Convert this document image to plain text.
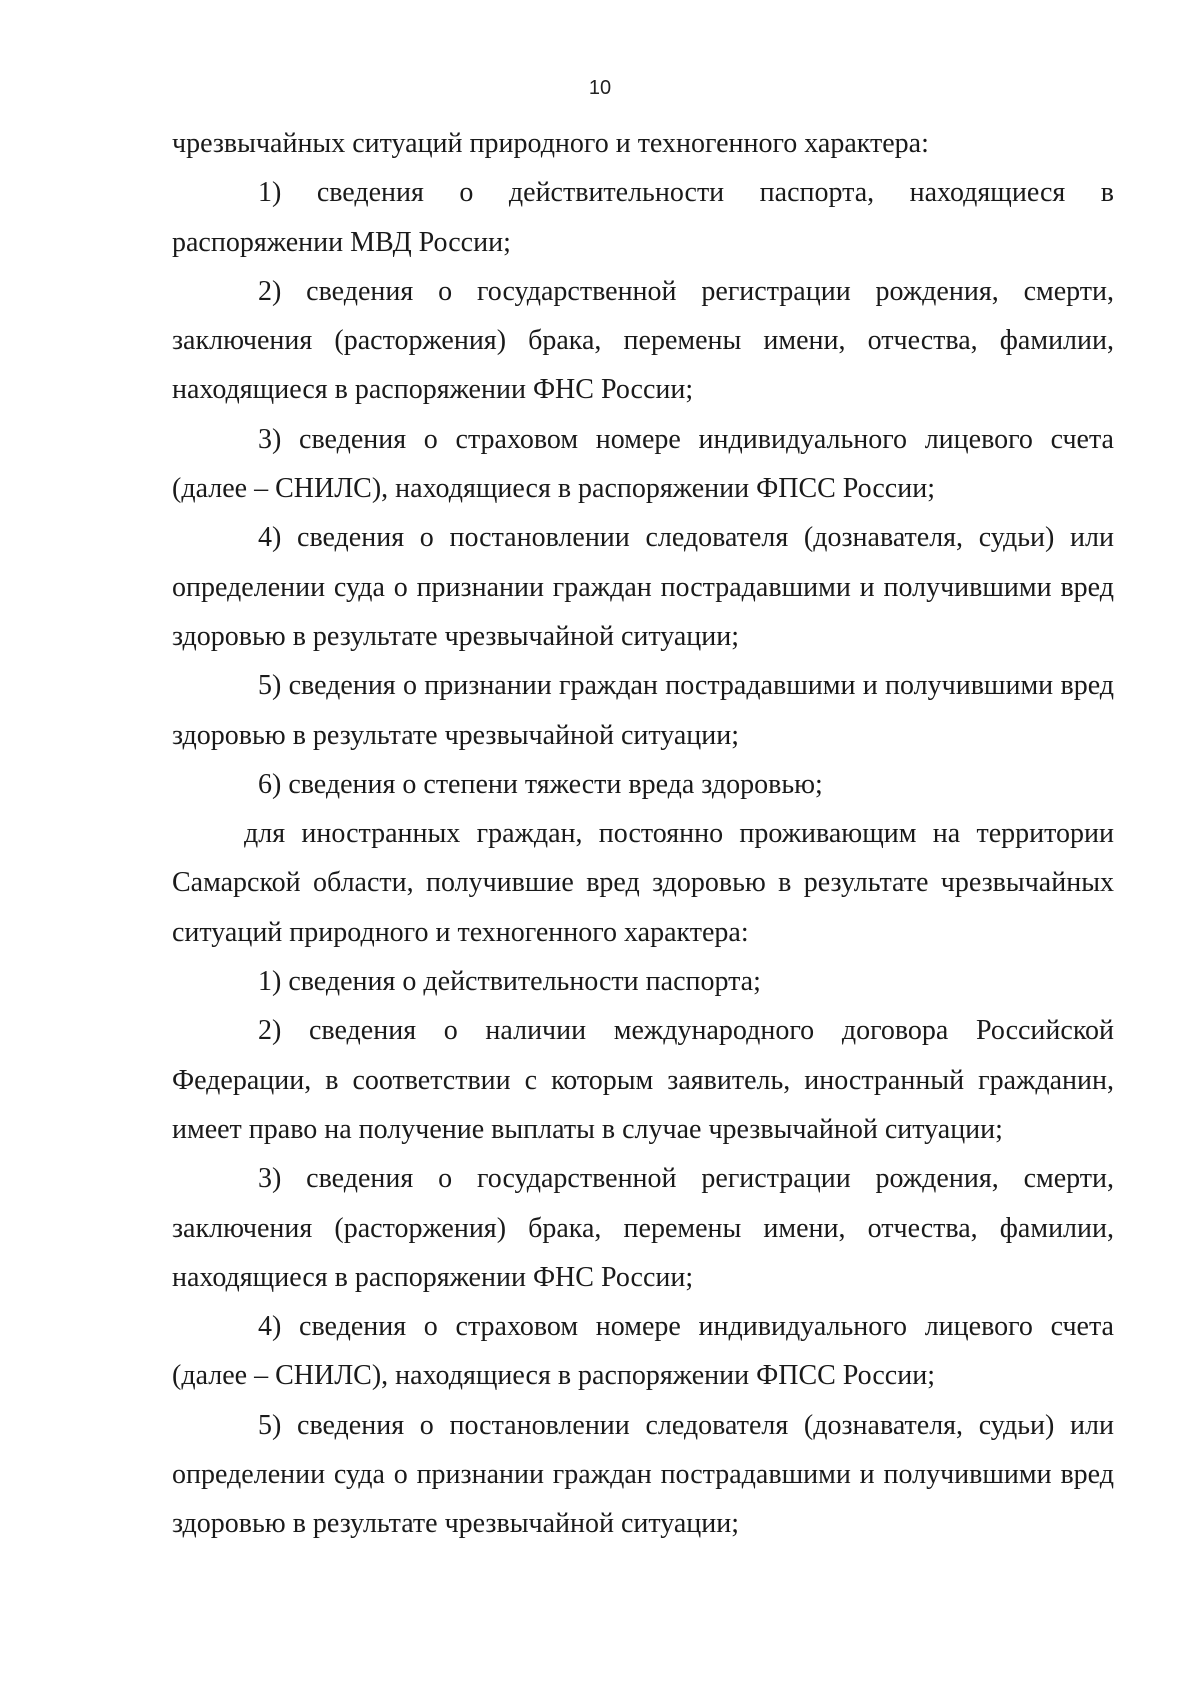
10

чрезвычайных ситуаций природного и техногенного характера:

1) сведения о действительности паспорта, находящиеся в распоряжении МВД России;

2) сведения о государственной регистрации рождения, смерти, заключения (расторжения) брака, перемены имени, отчества, фамилии, находящиеся в распоряжении ФНС России;

3) сведения о страховом номере индивидуального лицевого счета (далее – СНИЛС), находящиеся в распоряжении ФПСС России;

4) сведения о постановлении следователя (дознавателя, судьи) или определении суда о признании граждан пострадавшими и получившими вред здоровью в результате чрезвычайной ситуации;

5) сведения о признании граждан пострадавшими и получившими вред здоровью в результате чрезвычайной ситуации;

6) сведения о степени тяжести вреда здоровью;

для иностранных граждан, постоянно проживающим на территории Самарской области, получившие вред здоровью в результате чрезвычайных ситуаций природного и техногенного характера:

1) сведения о действительности паспорта;

2) сведения о наличии международного договора Российской Федерации, в соответствии с которым заявитель, иностранный гражданин, имеет право на получение выплаты в случае чрезвычайной ситуации;

3) сведения о государственной регистрации рождения, смерти, заключения (расторжения) брака, перемены имени, отчества, фамилии, находящиеся в распоряжении ФНС России;

4) сведения о страховом номере индивидуального лицевого счета (далее – СНИЛС), находящиеся в распоряжении ФПСС России;

5) сведения о постановлении следователя (дознавателя, судьи) или определении суда о признании граждан пострадавшими и получившими вред здоровью в результате чрезвычайной ситуации;
